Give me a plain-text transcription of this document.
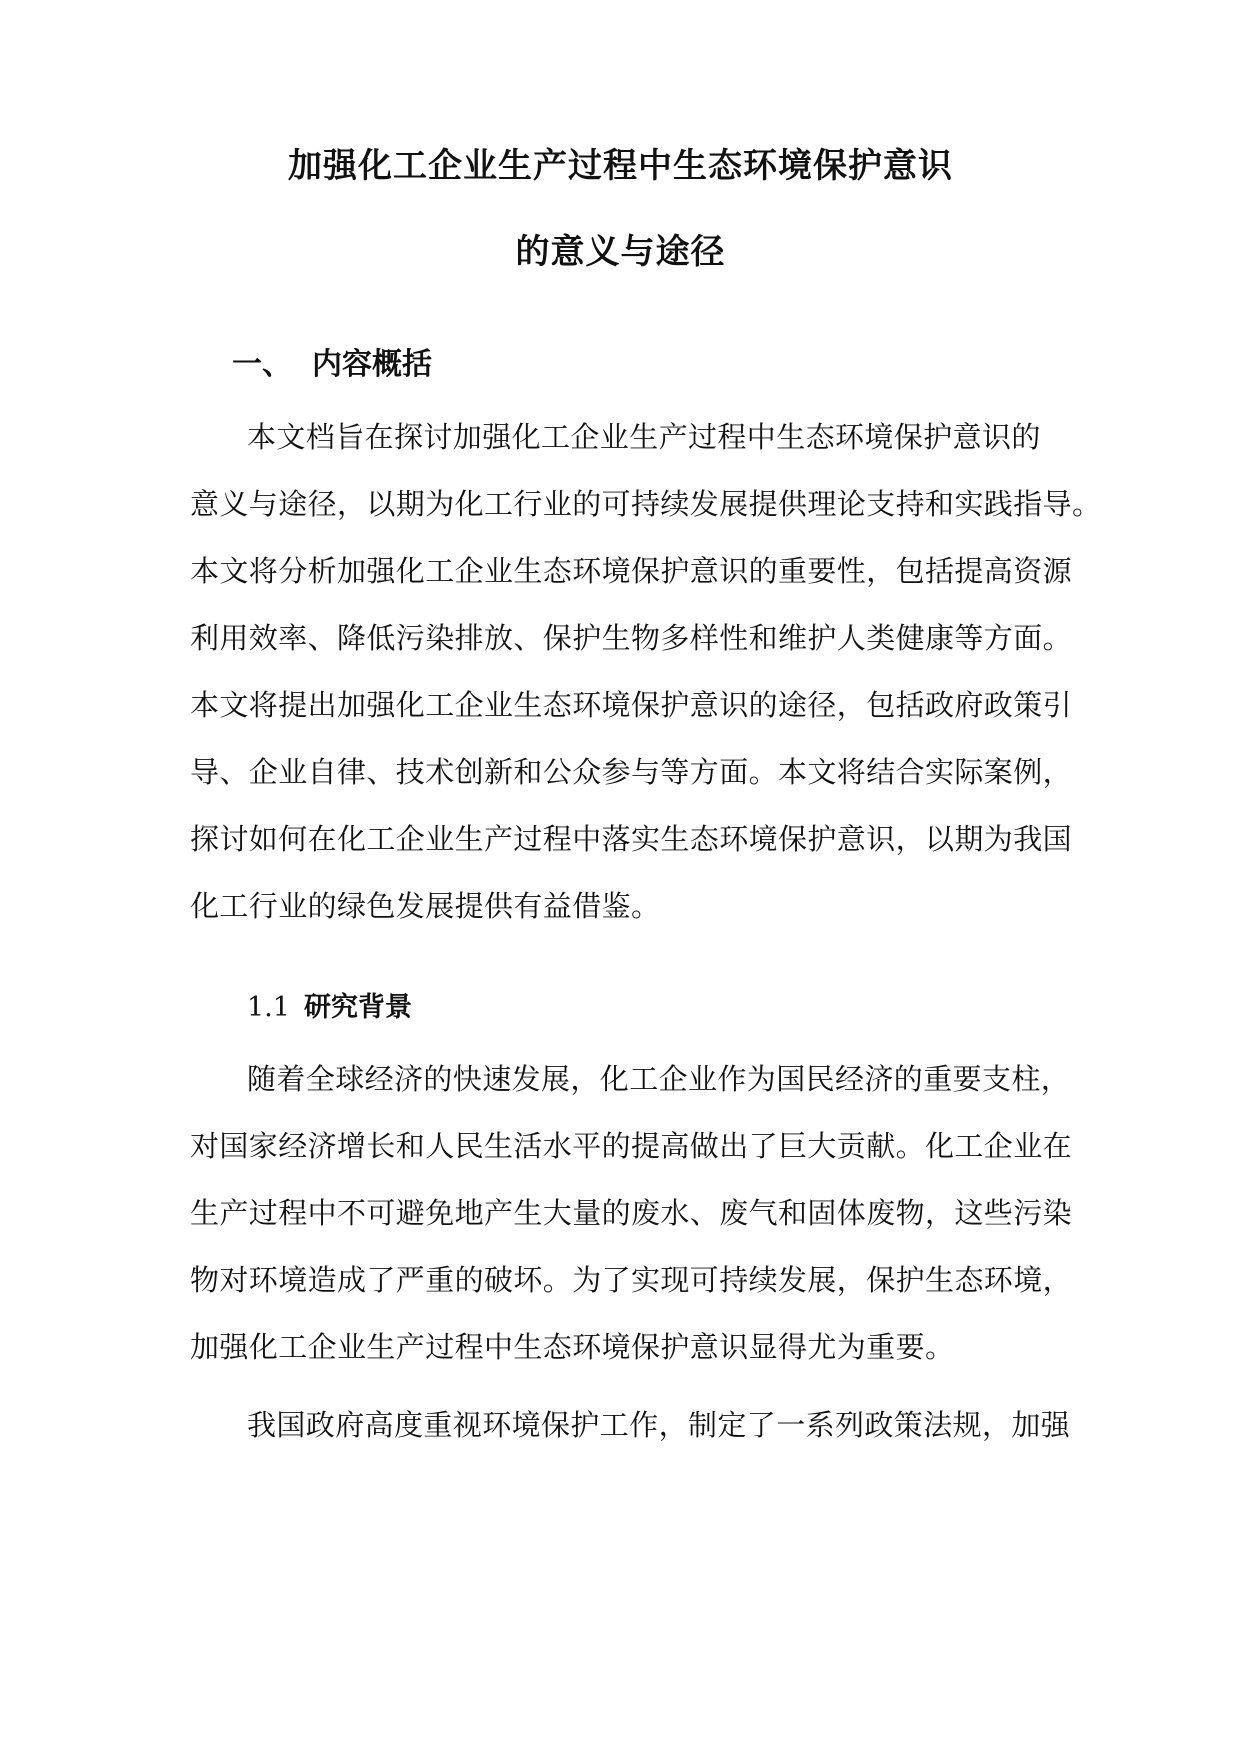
加强化工企业生产过程中生态环境保护意识
的意义与途径
一、 内容概括
本文档旨在探讨加强化工企业生产过程中生态环境保护意识的
意义与途径，以期为化工行业的可持续发展提供理论支持和实践指导。
本文将分析加强化工企业生态环境保护意识的重要性，包括提高资源
利用效率、降低污染排放、保护生物多样性和维护人类健康等方面。
本文将提出加强化工企业生态环境保护意识的途径，包括政府政策引
导、企业自律、技术创新和公众参与等方面。本文将结合实际案例，
探讨如何在化工企业生产过程中落实生态环境保护意识，以期为我国
化工行业的绿色发展提供有益借鉴。
1.1 研究背景
随着全球经济的快速发展，化工企业作为国民经济的重要支柱，
对国家经济增长和人民生活水平的提高做出了巨大贡献。化工企业在
生产过程中不可避免地产生大量的废水、废气和固体废物，这些污染
物对环境造成了严重的破坏。为了实现可持续发展，保护生态环境，
加强化工企业生产过程中生态环境保护意识显得尤为重要。
我国政府高度重视环境保护工作，制定了一系列政策法规，加强
